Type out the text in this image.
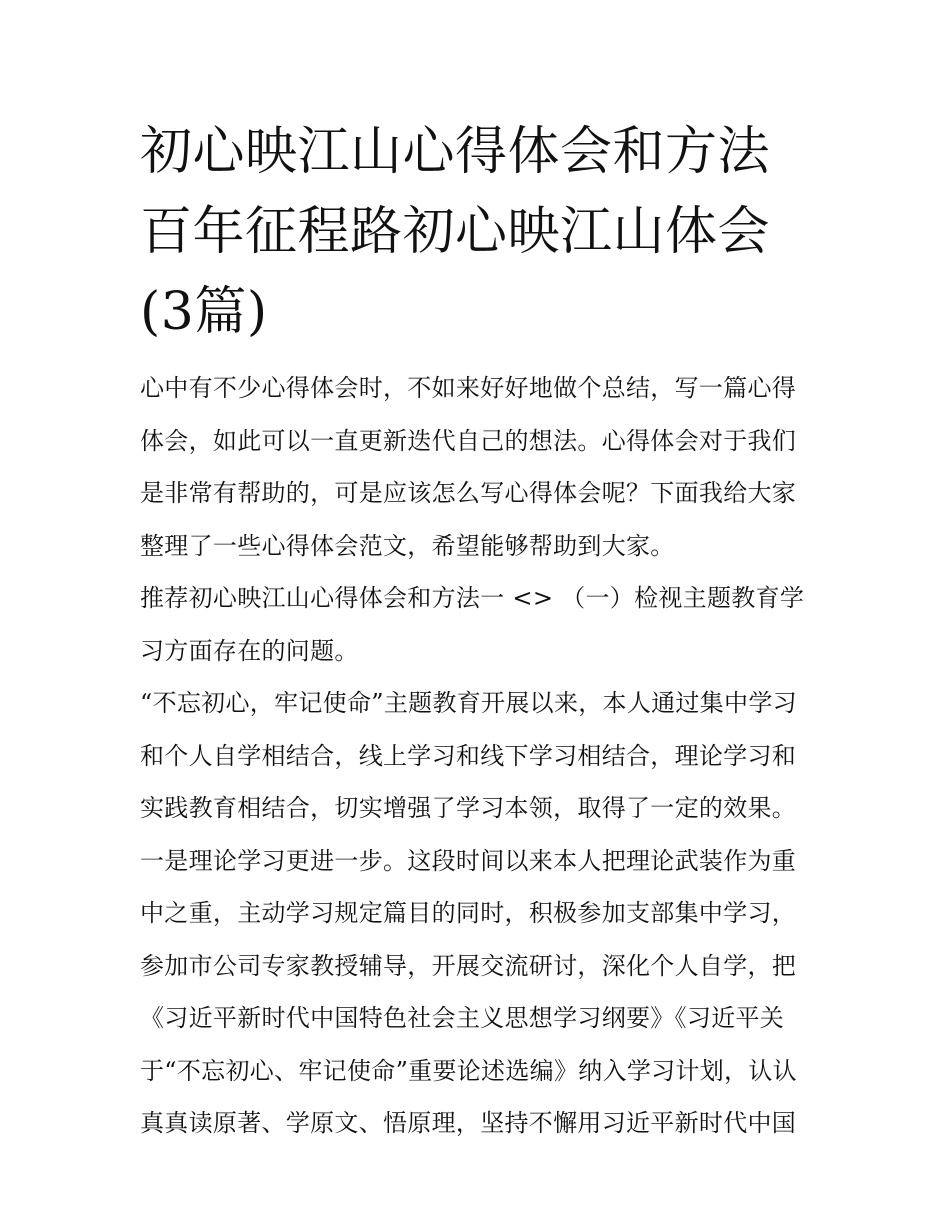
初心映江山心得体会和方法 百年征程路初心映江山体会(3篇)

心中有不少心得体会时，不如来好好地做个总结，写一篇心得体会，如此可以一直更新迭代自己的想法。心得体会对于我们是非常有帮助的，可是应该怎么写心得体会呢？下面我给大家整理了一些心得体会范文，希望能够帮助到大家。

推荐初心映江山心得体会和方法一 <> （一）检视主题教育学习方面存在的问题。

“不忘初心，牢记使命”主题教育开展以来，本人通过集中学习和个人自学相结合，线上学习和线下学习相结合，理论学习和实践教育相结合，切实增强了学习本领，取得了一定的效果。一是理论学习更进一步。这段时间以来本人把理论武装作为重中之重，主动学习规定篇目的同时，积极参加支部集中学习，参加市公司专家教授辅导，开展交流研讨，深化个人自学，把《习近平新时代中国特色社会主义思想学习纲要》《习近平关于“不忘初心、牢记使命”重要论述选编》纳入学习计划，认认真真读原著、学原文、悟原理，坚持不懈用习近平新时代中国
